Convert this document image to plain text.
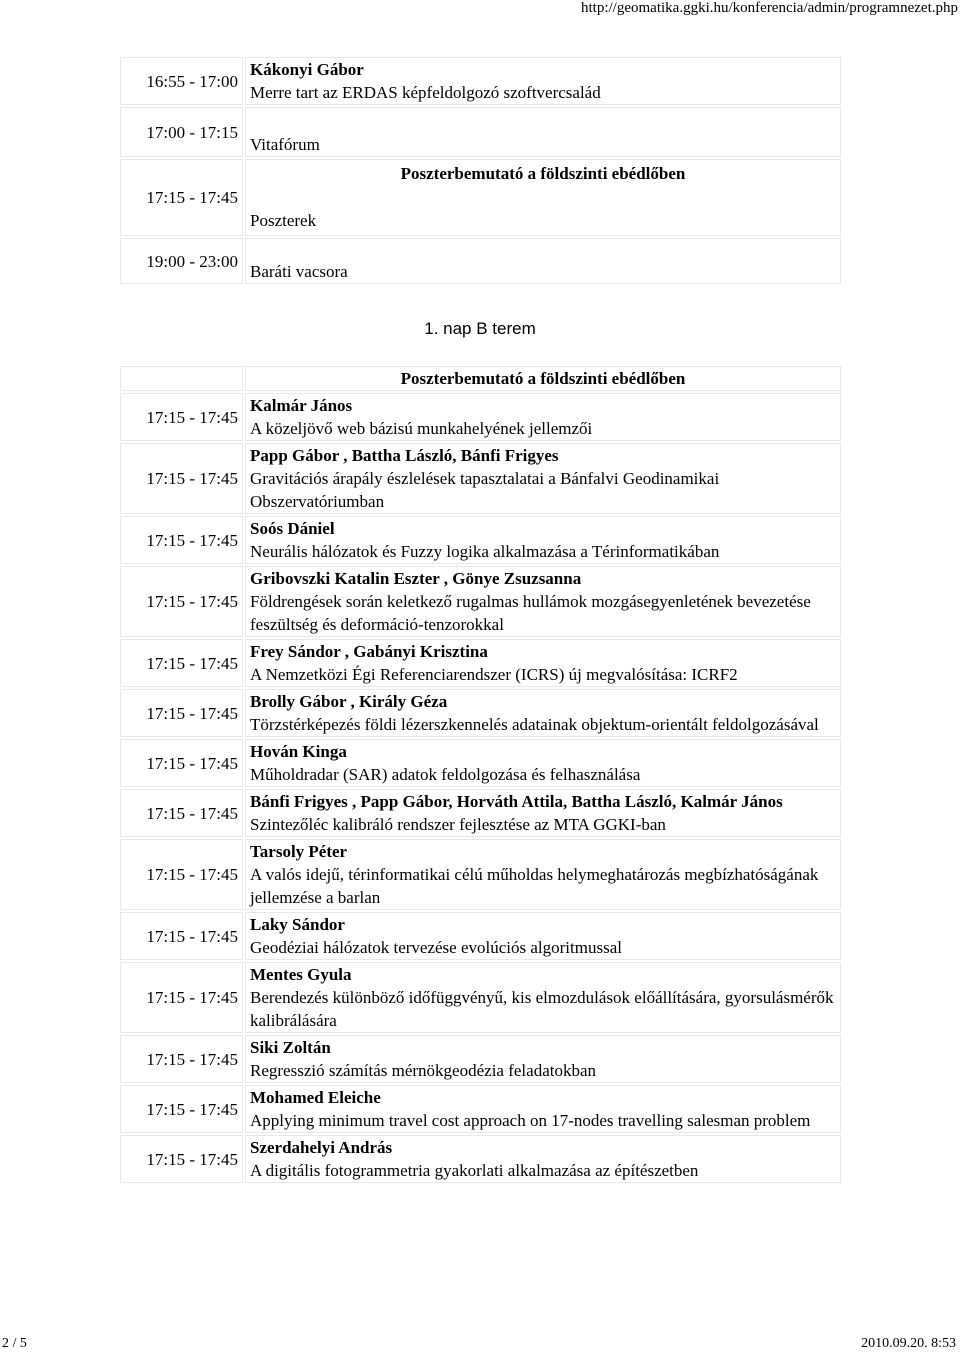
http://geomatika.ggki.hu/konferencia/admin/programnezet.php
16:55 - 17:00	Kákonyi Gábor
Merre tart az ERDAS képfeldolgozó szoftvercsalád

17:00 - 17:15	Vitafórum
17:15 - 17:45	Poszterbemutató a földszinti ebédlőben
Poszterek

19:00 - 23:00	Baráti vacsora
1. nap B terem
	Poszterbemutató a földszinti ebédlőben
17:15 - 17:45	Kalmár János
A közeljövő web bázisú munkahelyének jellemzői

17:15 - 17:45	Papp Gábor , Battha László, Bánfi Frigyes
Gravitációs árapály észlelések tapasztalatai a Bánfalvi Geodinamikai Obszervatóriumban

17:15 - 17:45	Soós Dániel
Neurális hálózatok és Fuzzy logika alkalmazása a Térinformatikában

17:15 - 17:45	Gribovszki Katalin Eszter , Gönye Zsuzsanna
Földrengések során keletkező rugalmas hullámok mozgásegyenletének bevezetése feszültség és deformáció-tenzorokkal

17:15 - 17:45	Frey Sándor , Gabányi Krisztina
A Nemzetközi Égi Referenciarendszer (ICRS) új megvalósítása: ICRF2

17:15 - 17:45	Brolly Gábor , Király Géza
Törzstérképezés földi lézerszkennelés adatainak objektum-orientált feldolgozásával

17:15 - 17:45	Hován Kinga
Műholdradar (SAR) adatok feldolgozása és felhasználása

17:15 - 17:45	Bánfi Frigyes , Papp Gábor, Horváth Attila, Battha László, Kalmár János
Szintezőléc kalibráló rendszer fejlesztése az MTA GGKI-ban

17:15 - 17:45	Tarsoly Péter
A valós idejű, térinformatikai célú műholdas helymeghatározás megbízhatóságának jellemzése a barlan

17:15 - 17:45	Laky Sándor
Geodéziai hálózatok tervezése evolúciós algoritmussal

17:15 - 17:45	Mentes Gyula
Berendezés különböző időfüggvényű, kis elmozdulások előállítására, gyorsulásmérők kalibrálására

17:15 - 17:45	Siki Zoltán
Regresszió számítás mérnökgeodézia feladatokban

17:15 - 17:45	Mohamed Eleiche
Applying minimum travel cost approach on 17-nodes travelling salesman problem

17:15 - 17:45	Szerdahelyi András
A digitális fotogrammetria gyakorlati alkalmazása az építészetben
2 / 5	2010.09.20. 8:53
